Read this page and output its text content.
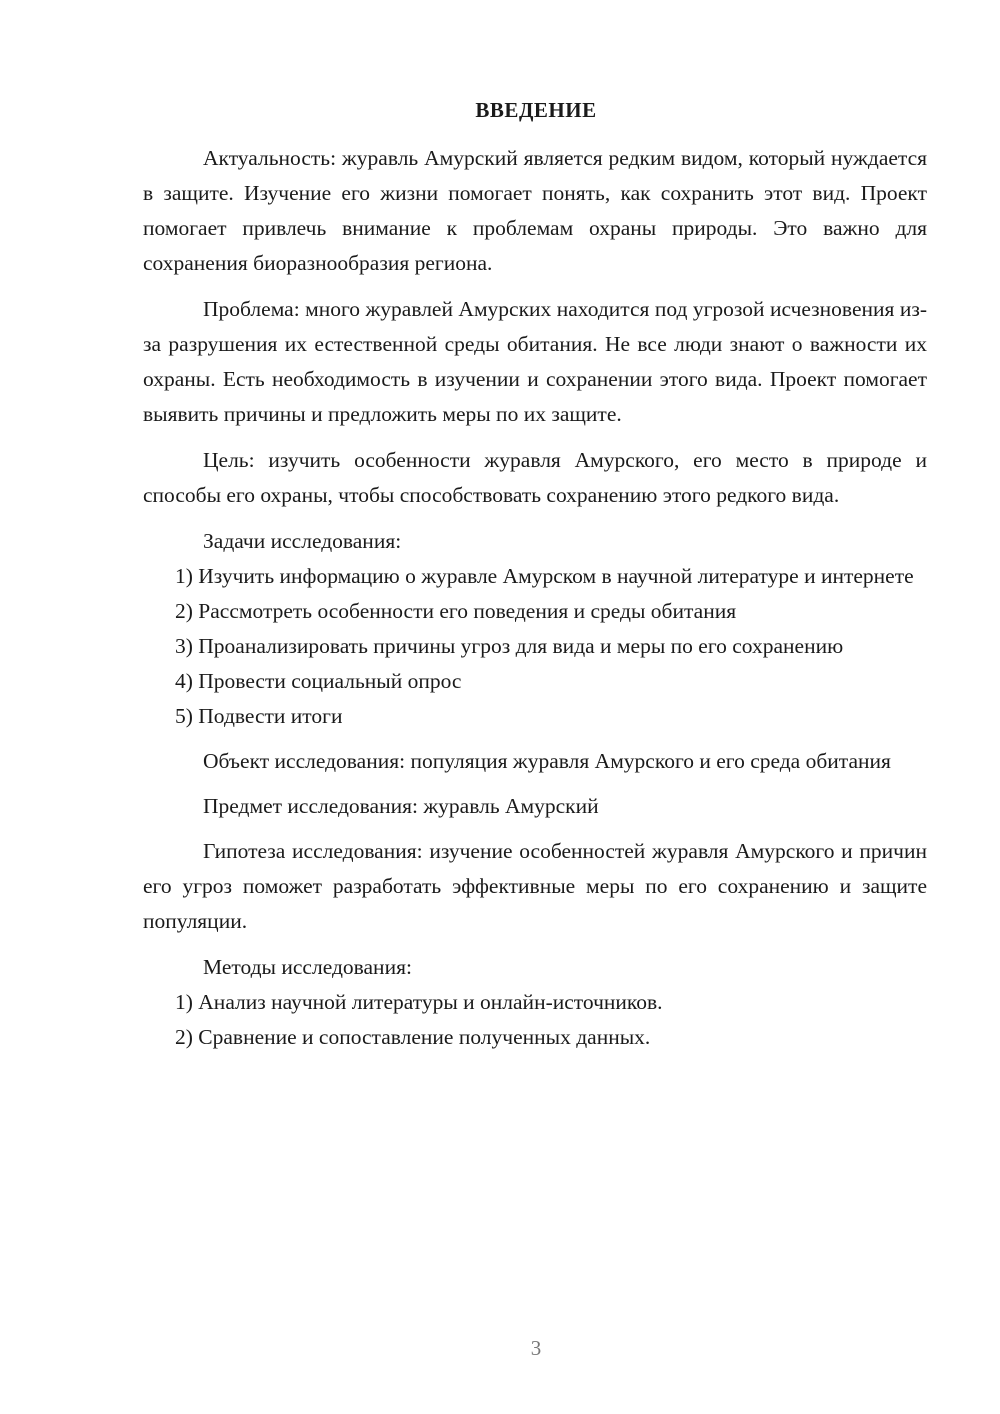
ВВЕДЕНИЕ

Актуальность: журавль Амурский является редким видом, который нуждается в защите. Изучение его жизни помогает понять, как сохранить этот вид. Проект помогает привлечь внимание к проблемам охраны природы. Это важно для сохранения биоразнообразия региона.

Проблема: много журавлей Амурских находится под угрозой исчезновения из-за разрушения их естественной среды обитания. Не все люди знают о важности их охраны. Есть необходимость в изучении и сохранении этого вида. Проект помогает выявить причины и предложить меры по их защите.

Цель: изучить особенности журавля Амурского, его место в природе и способы его охраны, чтобы способствовать сохранению этого редкого вида.

Задачи исследования:

1) Изучить информацию о журавле Амурском в научной литературе и интернете

2) Рассмотреть особенности его поведения и среды обитания

3) Проанализировать причины угроз для вида и меры по его сохранению

4) Провести социальный опрос

5) Подвести итоги

Объект исследования: популяция журавля Амурского и его среда обитания

Предмет исследования: журавль Амурский

Гипотеза исследования: изучение особенностей журавля Амурского и причин его угроз поможет разработать эффективные меры по его сохранению и защите популяции.

Методы исследования:

1) Анализ научной литературы и онлайн-источников.

2) Сравнение и сопоставление полученных данных.

3
